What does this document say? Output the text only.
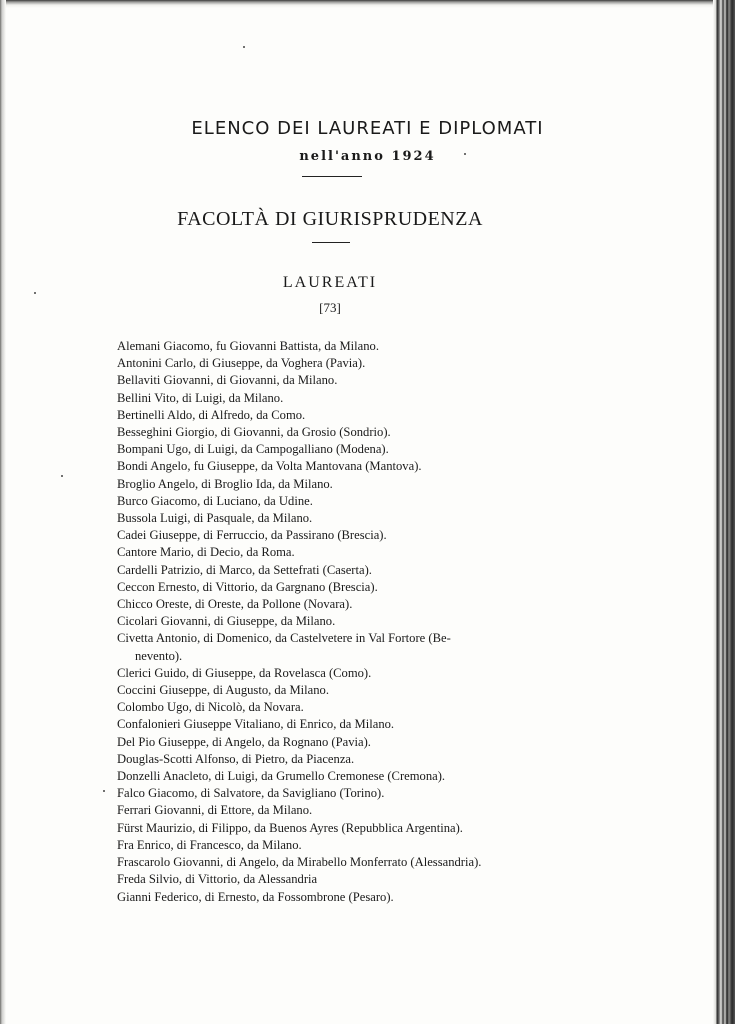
ELENCO DEI LAUREATI E DIPLOMATI
nell'anno 1924
FACOLTÀ DI GIURISPRUDENZA
LAUREATI
[73]
Alemani Giacomo, fu Giovanni Battista, da Milano.
Antonini Carlo, di Giuseppe, da Voghera (Pavia).
Bellaviti Giovanni, di Giovanni, da Milano.
Bellini Vito, di Luigi, da Milano.
Bertinelli Aldo, di Alfredo, da Como.
Besseghini Giorgio, di Giovanni, da Grosio (Sondrio).
Bompani Ugo, di Luigi, da Campogalliano (Modena).
Bondi Angelo, fu Giuseppe, da Volta Mantovana (Mantova).
Broglio Angelo, di Broglio Ida, da Milano.
Burco Giacomo, di Luciano, da Udine.
Bussola Luigi, di Pasquale, da Milano.
Cadei Giuseppe, di Ferruccio, da Passirano (Brescia).
Cantore Mario, di Decio, da Roma.
Cardelli Patrizio, di Marco, da Settefrati (Caserta).
Ceccon Ernesto, di Vittorio, da Gargnano (Brescia).
Chicco Oreste, di Oreste, da Pollone (Novara).
Cicolari Giovanni, di Giuseppe, da Milano.
Civetta Antonio, di Domenico, da Castelvetere in Val Fortore (Be-
nevento).
Clerici Guido, di Giuseppe, da Rovelasca (Como).
Coccini Giuseppe, di Augusto, da Milano.
Colombo Ugo, di Nicolò, da Novara.
Confalonieri Giuseppe Vitaliano, di Enrico, da Milano.
Del Pio Giuseppe, di Angelo, da Rognano (Pavia).
Douglas-Scotti Alfonso, di Pietro, da Piacenza.
Donzelli Anacleto, di Luigi, da Grumello Cremonese (Cremona).
Falco Giacomo, di Salvatore, da Savigliano (Torino).
Ferrari Giovanni, di Ettore, da Milano.
Fürst Maurizio, di Filippo, da Buenos Ayres (Repubblica Argentina).
Fra Enrico, di Francesco, da Milano.
Frascarolo Giovanni, di Angelo, da Mirabello Monferrato (Alessandria).
Freda Silvio, di Vittorio, da Alessandria
Gianni Federico, di Ernesto, da Fossombrone (Pesaro).
